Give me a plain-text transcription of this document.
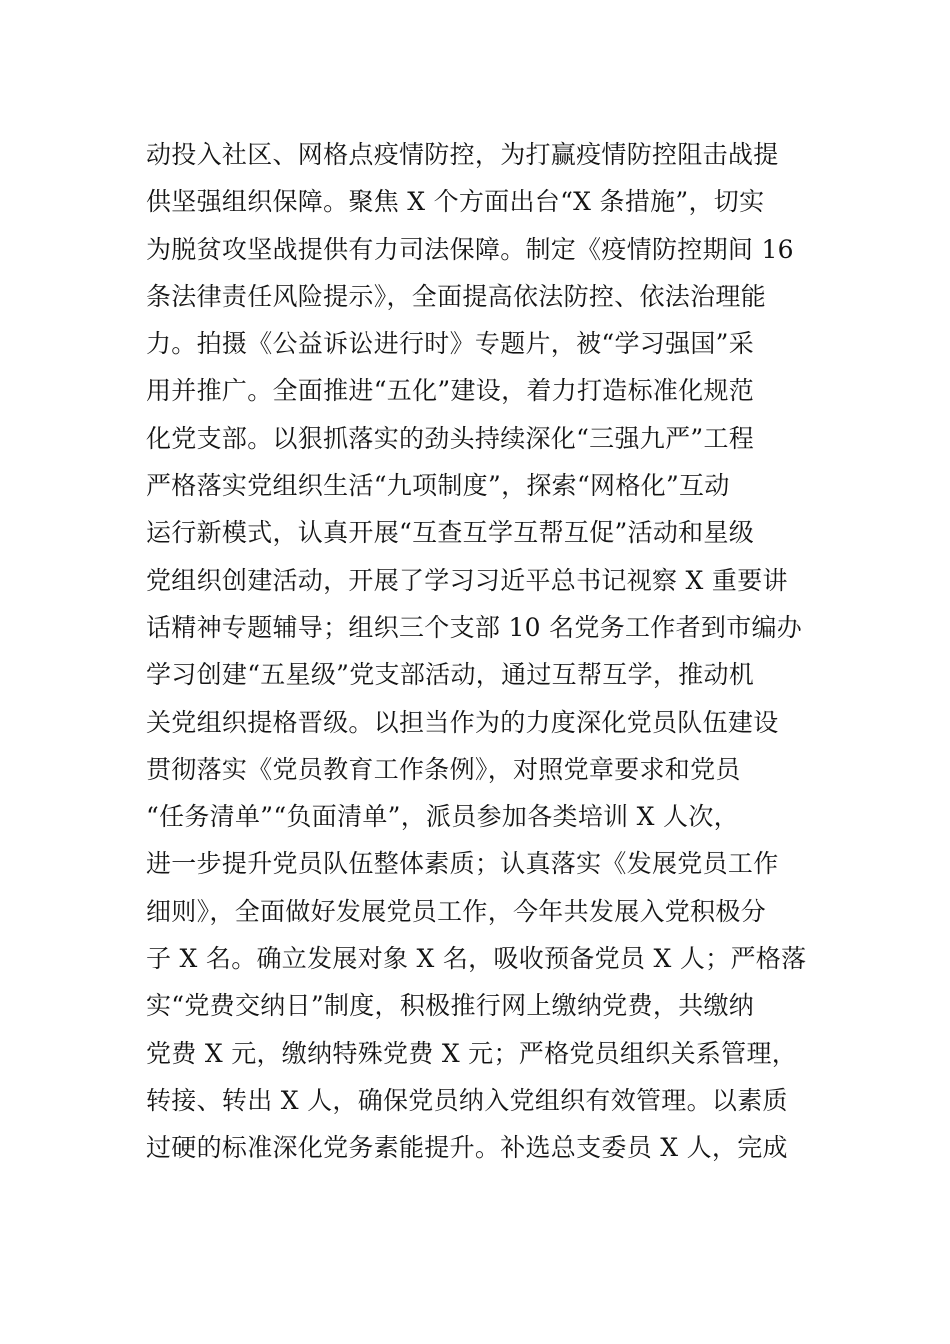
动投入社区、网格点疫情防控，为打赢疫情防控阻击战提
供坚强组织保障。聚焦 X 个方面出台“X 条措施”，切实
为脱贫攻坚战提供有力司法保障。制定《疫情防控期间 16
条法律责任风险提示》，全面提高依法防控、依法治理能
力。拍摄《公益诉讼进行时》专题片，被“学习强国”采
用并推广。全面推进“五化”建设，着力打造标准化规范
化党支部。以狠抓落实的劲头持续深化“三强九严”工程
严格落实党组织生活“九项制度”，探索“网格化”互动
运行新模式，认真开展“互查互学互帮互促”活动和星级
党组织创建活动，开展了学习习近平总书记视察 X 重要讲
话精神专题辅导；组织三个支部 10 名党务工作者到市编办
学习创建“五星级”党支部活动，通过互帮互学，推动机
关党组织提格晋级。以担当作为的力度深化党员队伍建设
贯彻落实《党员教育工作条例》，对照党章要求和党员
“任务清单”“负面清单”，派员参加各类培训 X 人次，
进一步提升党员队伍整体素质；认真落实《发展党员工作
细则》，全面做好发展党员工作，今年共发展入党积极分
子 X 名。确立发展对象 X 名，吸收预备党员 X 人；严格落
实“党费交纳日”制度，积极推行网上缴纳党费，共缴纳
党费 X 元，缴纳特殊党费 X 元；严格党员组织关系管理，
转接、转出 X 人，确保党员纳入党组织有效管理。以素质
过硬的标准深化党务素能提升。补选总支委员 X 人，完成
